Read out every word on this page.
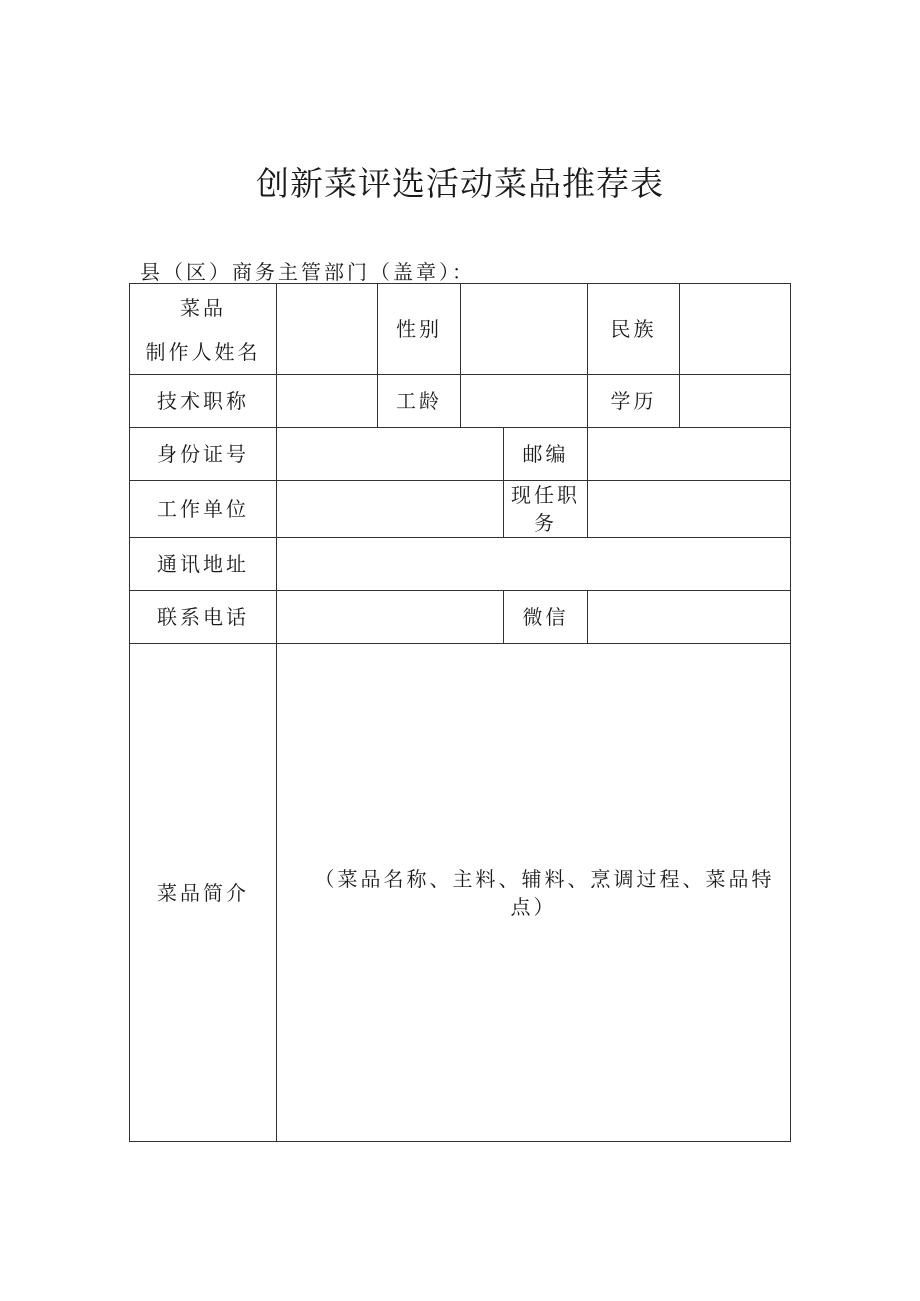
创新菜评选活动菜品推荐表
县（区）商务主管部门（盖章）：
菜品
制作人姓名		性别			民族	
技术职称		工龄			学历	
身份证号				邮编		
工作单位				现任职务		
通讯地址						
联系电话				微信		
菜品简介	（菜品名称、主料、辅料、烹调过程、菜品特点）					
